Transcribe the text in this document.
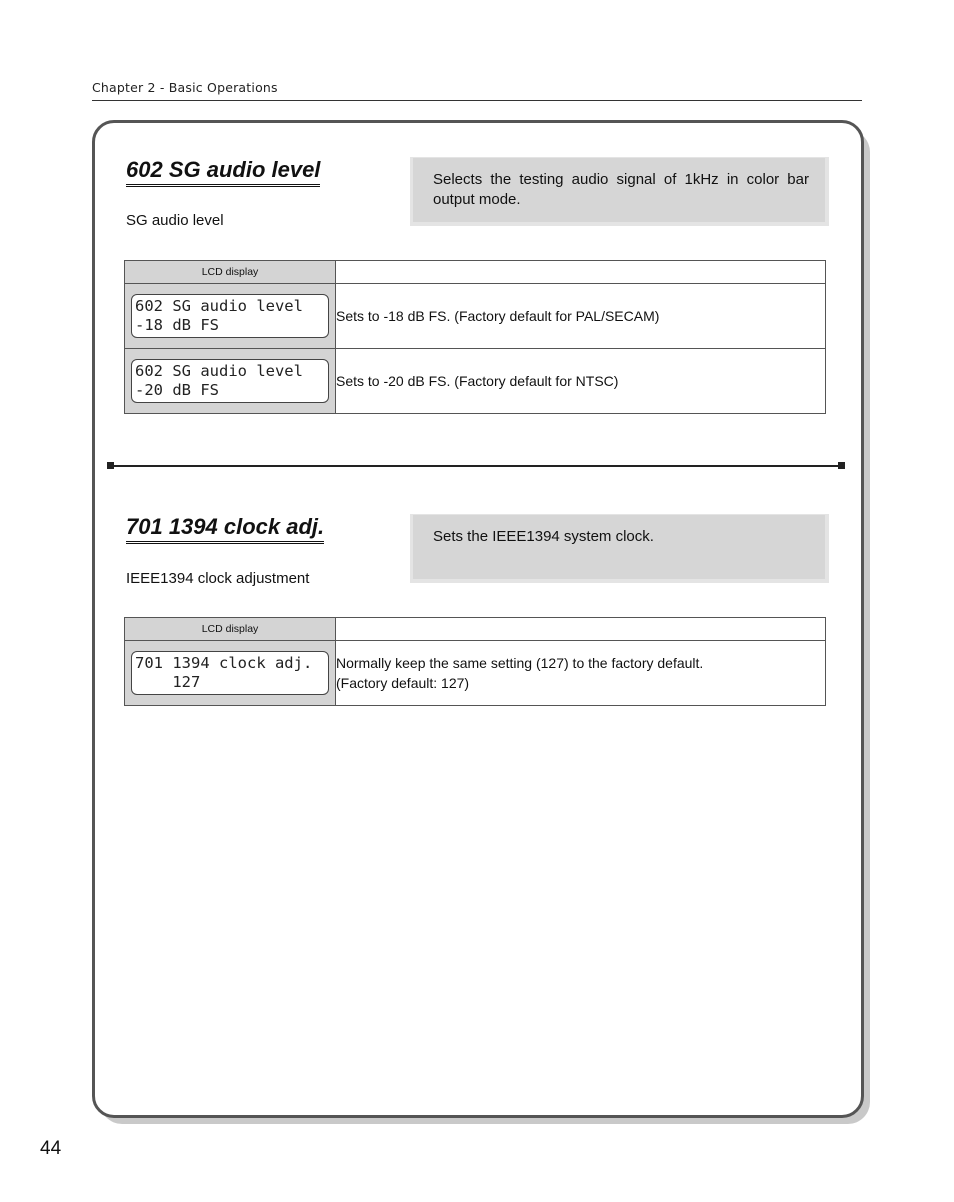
Chapter 2 - Basic Operations
602 SG audio level
SG audio level
Selects the testing audio signal of 1kHz in color bar output mode.
LCD display	
602 SG audio level
-18 dB FS	Sets to -18 dB FS. (Factory default for PAL/SECAM)
602 SG audio level
-20 dB FS	Sets to -20 dB FS. (Factory default for NTSC)
701 1394 clock adj.
IEEE1394 clock adjustment
Sets the IEEE1394 system clock.
LCD display	
701 1394 clock adj.
127	Normally keep the same setting (127) to the factory default.
(Factory default: 127)
44
